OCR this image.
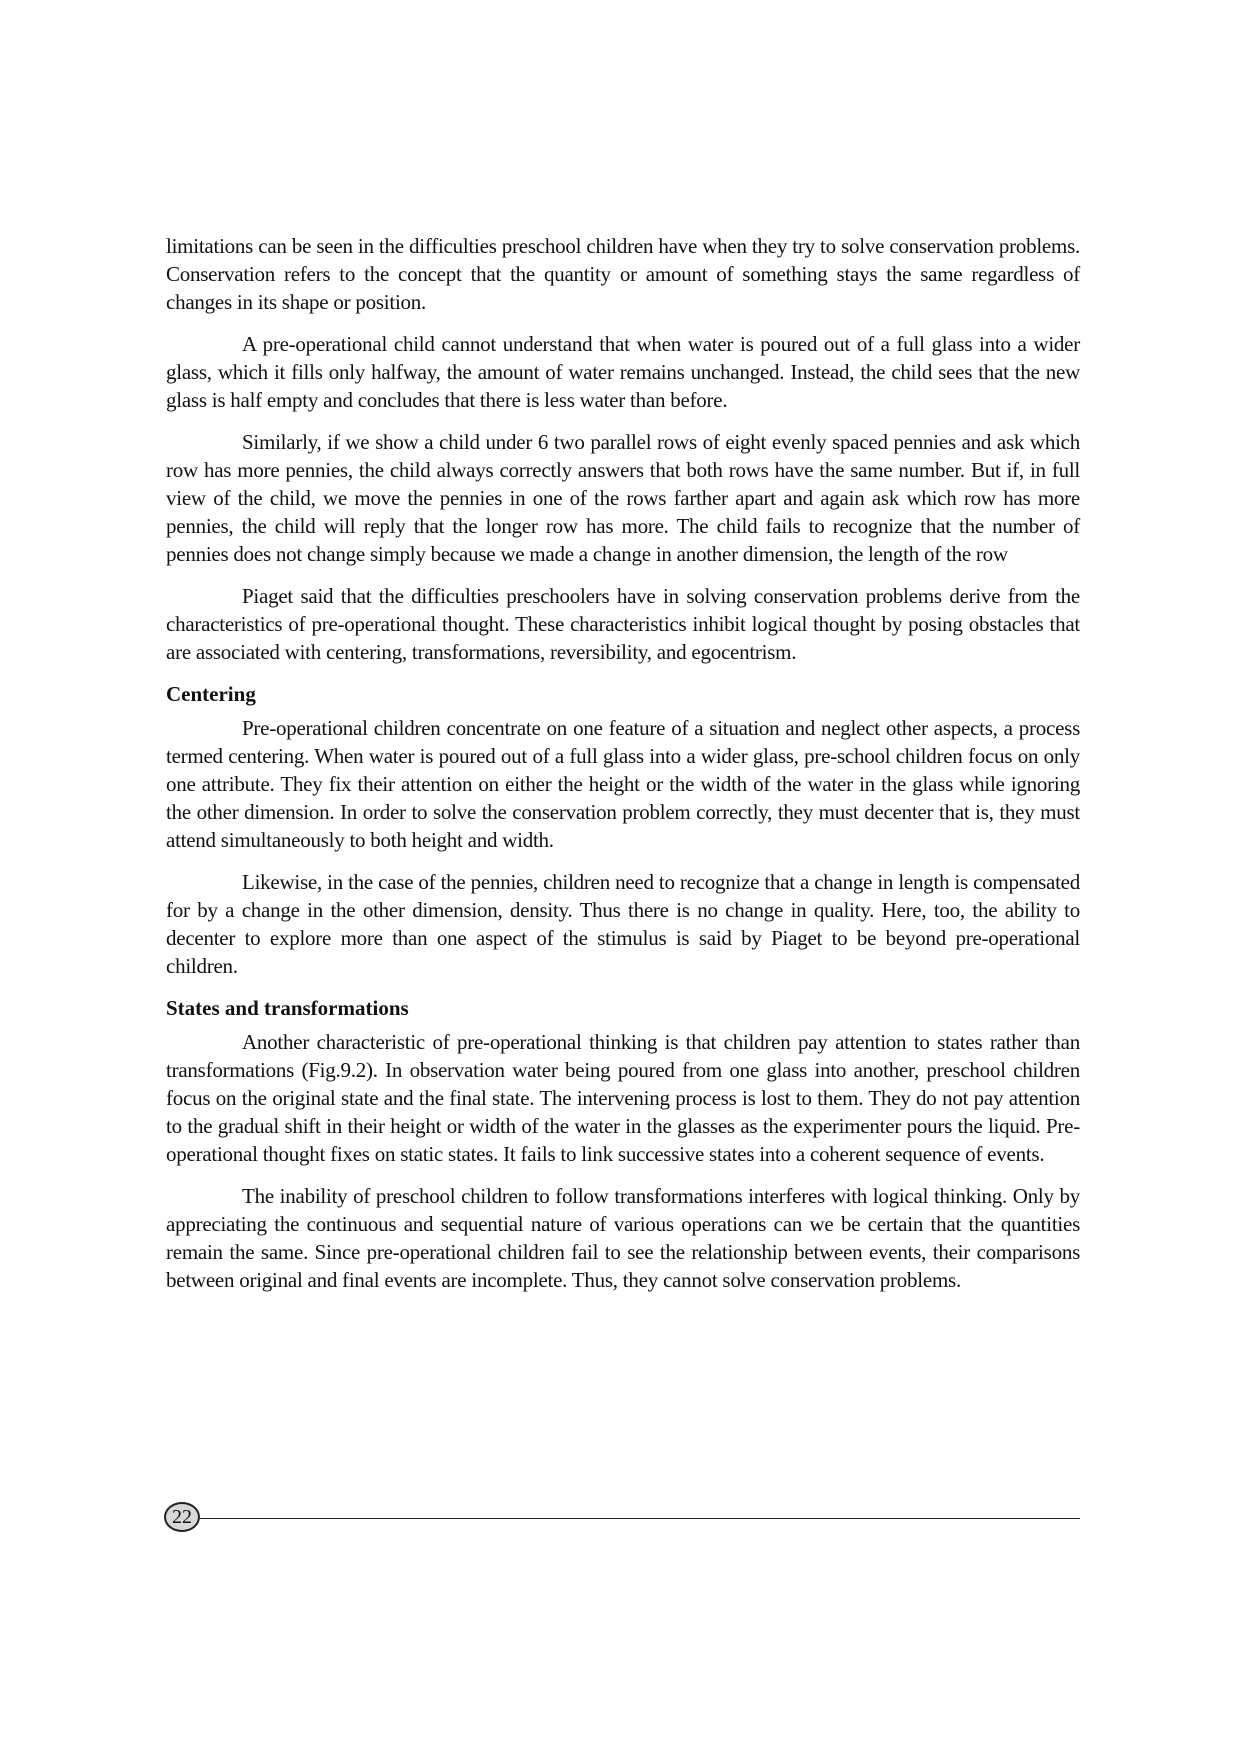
limitations can be seen in the difficulties preschool children have when they try to solve conservation problems. Conservation refers to the concept that the quantity or amount of something stays the same regardless of changes in its shape or position.

A pre-operational child cannot understand that when water is poured out of a full glass into a wider glass, which it fills only halfway, the amount of water remains unchanged. Instead, the child sees that the new glass is half empty and concludes that there is less water than before.

Similarly, if we show a child under 6 two parallel rows of eight evenly spaced pennies and ask which row has more pennies, the child always correctly answers that both rows have the same number. But if, in full view of the child, we move the pennies in one of the rows farther apart and again ask which row has more pennies, the child will reply that the longer row has more. The child fails to recognize that the number of pennies does not change simply because we made a change in another dimension, the length of the row

Piaget said that the difficulties preschoolers have in solving conservation problems derive from the characteristics of pre-operational thought. These characteristics inhibit logical thought by posing obstacles that are associated with centering, transformations, reversibility, and egocentrism.

Centering

Pre-operational children concentrate on one feature of a situation and neglect other aspects, a process termed centering. When water is poured out of a full glass into a wider glass, pre-school children focus on only one attribute. They fix their attention on either the height or the width of the water in the glass while ignoring the other dimension. In order to solve the conservation problem correctly, they must decenter that is, they must attend simultaneously to both height and width.

Likewise, in the case of the pennies, children need to recognize that a change in length is compensated for by a change in the other dimension, density. Thus there is no change in quality. Here, too, the ability to decenter to explore more than one aspect of the stimulus is said by Piaget to be beyond pre-operational children.

States and transformations

Another characteristic of pre-operational thinking is that children pay attention to states rather than transformations (Fig.9.2). In observation water being poured from one glass into another, preschool children focus on the original state and the final state. The intervening process is lost to them. They do not pay attention to the gradual shift in their height or width of the water in the glasses as the experimenter pours the liquid. Pre-operational thought fixes on static states. It fails to link successive states into a coherent sequence of events.

The inability of preschool children to follow transformations interferes with logical thinking. Only by appreciating the continuous and sequential nature of various operations can we be certain that the quantities remain the same. Since pre-operational children fail to see the relationship between events, their comparisons between original and final events are incomplete. Thus, they cannot solve conservation problems.

22
